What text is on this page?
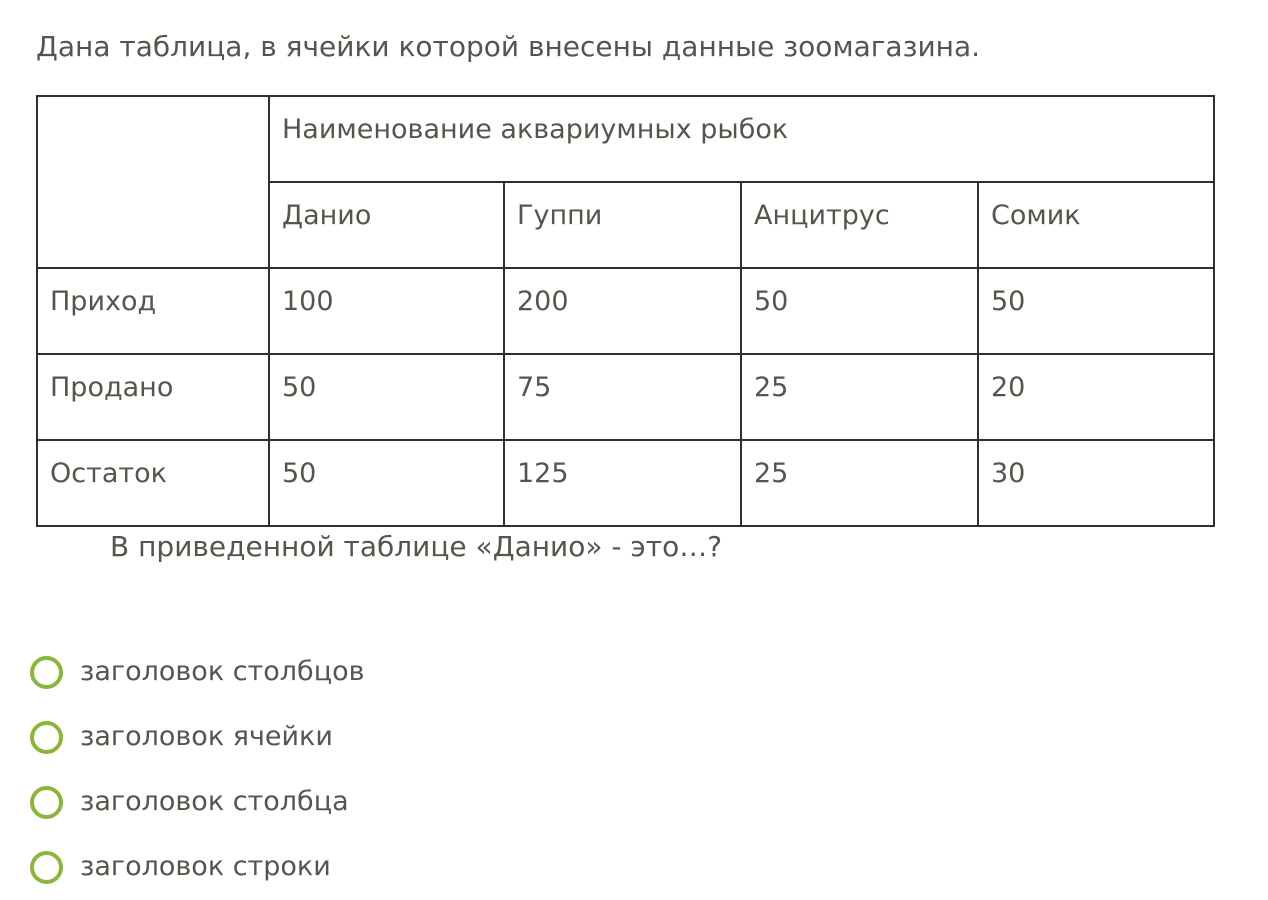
Дана таблица, в ячейки которой внесены данные зоомагазина.
	Наименование аквариумных рыбок			
	Данио	Гуппи	Анцитрус	Сомик
Приход	100	200	50	50
Продано	50	75	25	20
Остаток	50	125	25	30
В приведенной таблице «Данио» - это…?
заголовок столбцов
заголовок ячейки
заголовок столбца
заголовок строки
